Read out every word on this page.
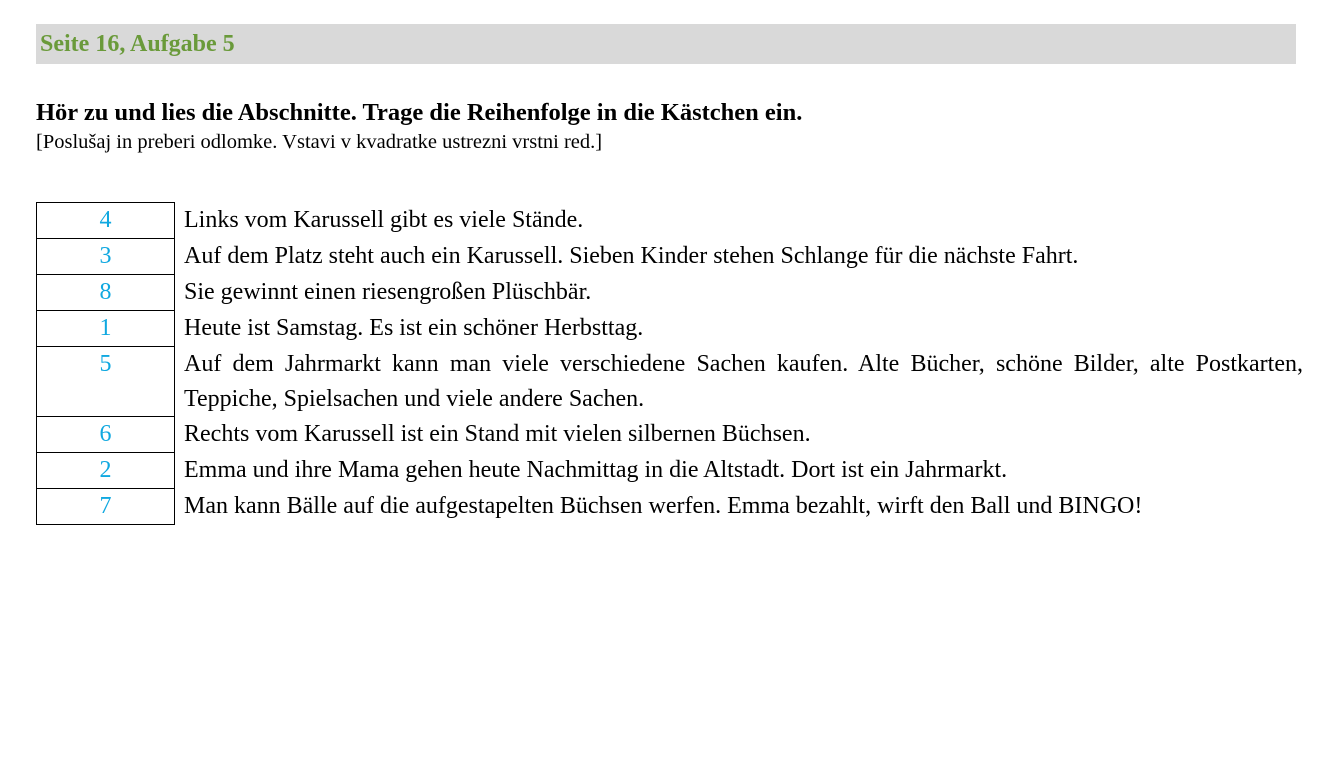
Seite 16, Aufgabe 5
Hör zu und lies die Abschnitte. Trage die Reihenfolge in die Kästchen ein.
[Poslušaj in preberi odlomke. Vstavi v kvadratke ustrezni vrstni red.]
4	Links vom Karussell gibt es viele Stände.
3	Auf dem Platz steht auch ein Karussell. Sieben Kinder stehen Schlange für die nächste Fahrt.
8	Sie gewinnt einen riesengroßen Plüschbär.
1	Heute ist Samstag. Es ist ein schöner Herbsttag.
5	Auf dem Jahrmarkt kann man viele verschiedene Sachen kaufen. Alte Bücher, schöne Bilder, alte Postkarten, Teppiche, Spielsachen und viele andere Sachen.
6	Rechts vom Karussell ist ein Stand mit vielen silbernen Büchsen.
2	Emma und ihre Mama gehen heute Nachmittag in die Altstadt. Dort ist ein Jahrmarkt.
7	Man kann Bälle auf die aufgestapelten Büchsen werfen. Emma bezahlt, wirft den Ball und BINGO!
